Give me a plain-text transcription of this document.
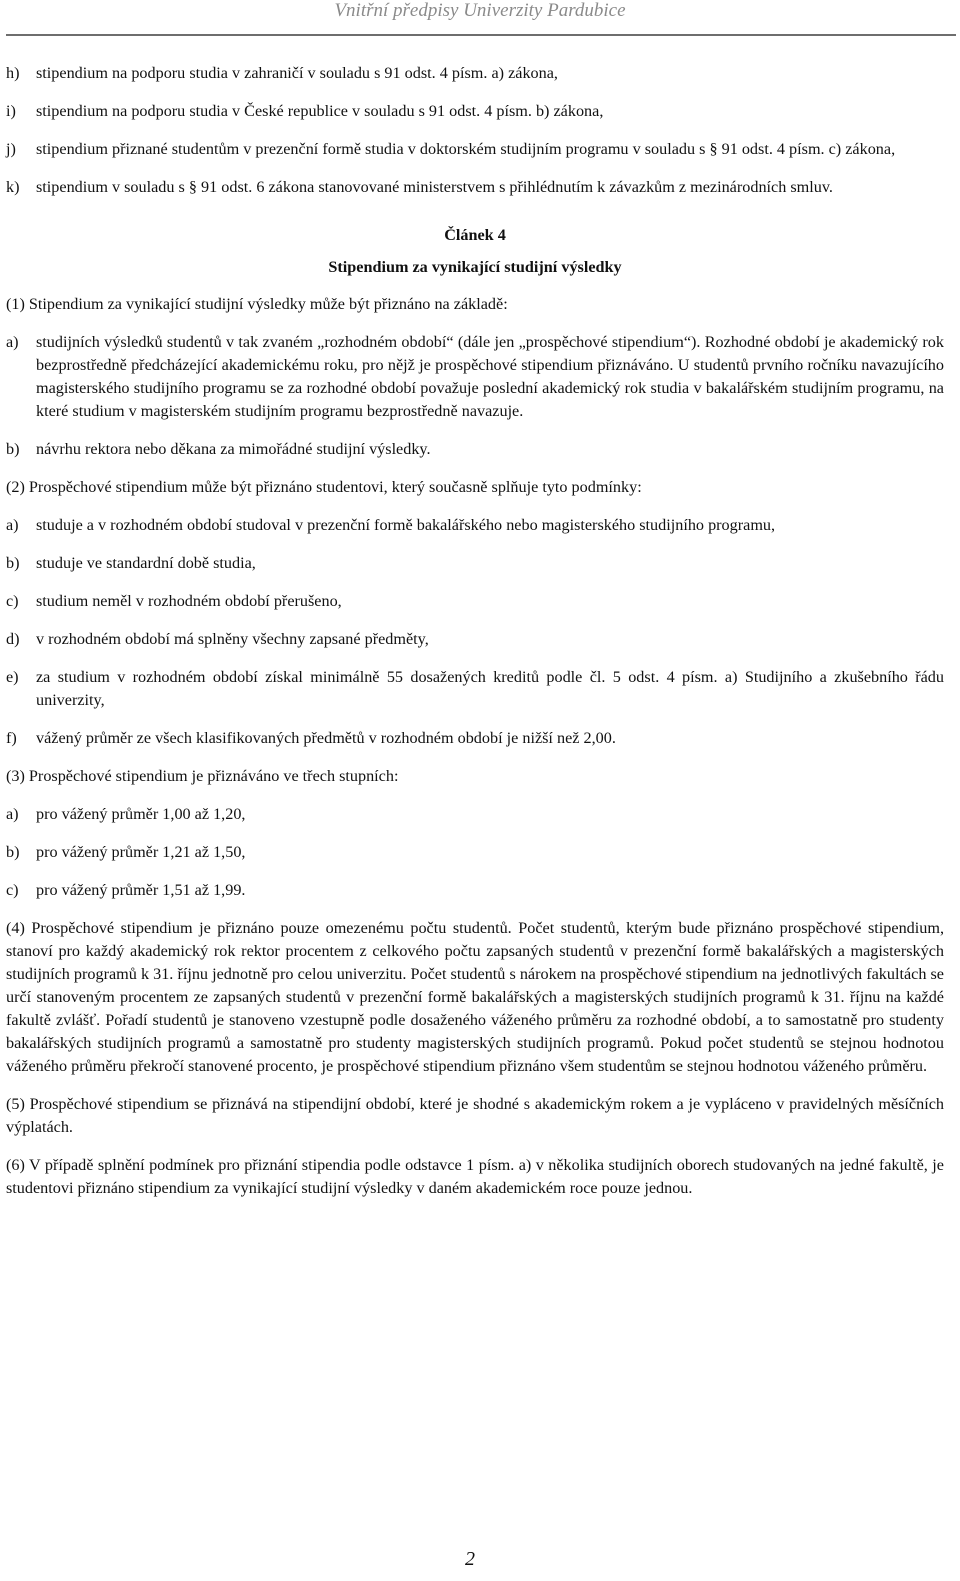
Vnitřní předpisy Univerzity Pardubice
h)	stipendium na podporu studia v zahraničí v souladu s 91 odst. 4 písm. a) zákona,
i)	stipendium na podporu studia v České republice v souladu s 91 odst. 4 písm. b) zákona,
j)	stipendium přiznané studentům v prezenční formě studia v doktorském studijním programu v souladu s § 91 odst. 4 písm. c) zákona,
k)	stipendium v souladu s § 91 odst. 6 zákona stanovované ministerstvem s přihlédnutím k závazkům z mezinárodních smluv.
Článek 4
Stipendium za vynikající studijní výsledky
(1) Stipendium za vynikající studijní výsledky může být přiznáno na základě:
a)	studijních výsledků studentů v tak zvaném „rozhodném období“ (dále jen „prospěchové stipendium“). Rozhodné období je akademický rok bezprostředně předcházející akademickému roku, pro nějž je prospěchové stipendium přiznáváno. U studentů prvního ročníku navazujícího magisterského studijního programu se za rozhodné období považuje poslední akademický rok studia v bakalářském studijním programu, na které studium v magisterském studijním programu bezprostředně navazuje.
b)	návrhu rektora nebo děkana za mimořádné studijní výsledky.
(2) Prospěchové stipendium může být přiznáno studentovi, který současně splňuje tyto podmínky:
a)	studuje a v rozhodném období studoval v prezenční formě bakalářského nebo magisterského studijního programu,
b)	studuje ve standardní době studia,
c)	studium neměl v rozhodném období přerušeno,
d)	v rozhodném období má splněny všechny zapsané předměty,
e)	za studium v rozhodném období získal minimálně 55 dosažených kreditů podle čl. 5 odst. 4 písm. a) Studijního a zkušebního řádu univerzity,
f)	vážený průměr ze všech klasifikovaných předmětů v rozhodném období je nižší než 2,00.
(3) Prospěchové stipendium je přiznáváno ve třech stupních:
a)	pro vážený průměr 1,00 až 1,20,
b)	pro vážený průměr 1,21 až 1,50,
c)	pro vážený průměr 1,51 až 1,99.
(4) Prospěchové stipendium je přiznáno pouze omezenému počtu studentů. Počet studentů, kterým bude přiznáno prospěchové stipendium, stanoví pro každý akademický rok rektor procentem z celkového počtu zapsaných studentů v prezenční formě bakalářských a magisterských studijních programů k 31. říjnu jednotně pro celou univerzitu. Počet studentů s nárokem na prospěchové stipendium na jednotlivých fakultách se určí stanoveným procentem ze zapsaných studentů v prezenční formě bakalářských a magisterských studijních programů k 31. říjnu na každé fakultě zvlášť. Pořadí studentů je stanoveno vzestupně podle dosaženého váženého průměru za rozhodné období, a to samostatně pro studenty bakalářských studijních programů a samostatně pro studenty magisterských studijních programů. Pokud počet studentů se stejnou hodnotou váženého průměru překročí stanovené procento, je prospěchové stipendium přiznáno všem studentům se stejnou hodnotou váženého průměru.
(5) Prospěchové stipendium se přiznává na stipendijní období, které je shodné s akademickým rokem a je vypláceno v pravidelných měsíčních výplatách.
(6) V případě splnění podmínek pro přiznání stipendia podle odstavce 1 písm. a) v několika studijních oborech studovaných na jedné fakultě, je studentovi přiznáno stipendium za vynikající studijní výsledky v daném akademickém roce pouze jednou.
2
